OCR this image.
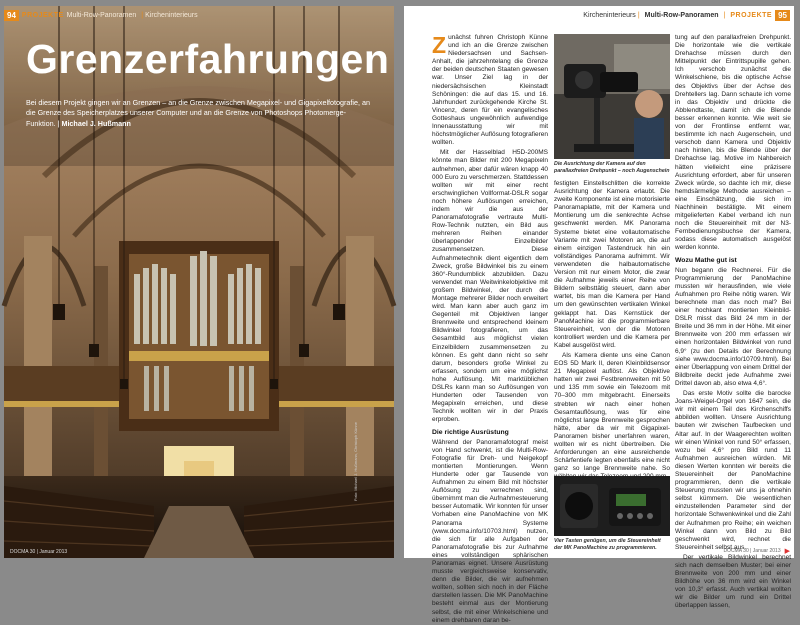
94 PROJEKTE Multi-Row-Panoramen | Kircheninterieurs
Grenzerfahrungen

Bei diesem Projekt gingen wir an Grenzen – an die Grenze zwischen Megapixel- und Gigapixelfotografie, an die Grenze des Speicherplatzes unserer Computer und an die Grenze von Photoshops Photomerge-Funktion. | Michael J. Hußmann

Foto: Michael J. Hußmann, Christoph Künne
DOCMA 30 | Januar 2013
Kircheninterieurs | Multi-Row-Panoramen | PROJEKTE 95

Zunächst fuhren Christoph Künne und ich an die Grenze zwischen Niedersachsen und Sachsen-Anhalt, die jahrzehntelang die Grenze der beiden deutschen Staaten gewesen war. Unser Ziel lag in der niedersächsischen Kleinstadt Schöningen: die auf das 15. und 16. Jahrhundert zurückgehende Kirche St. Vincenz, deren für ein evangelisches Gotteshaus ungewöhnlich aufwendige Innenausstattung wir mit höchstmöglicher Auflösung fotografieren wollten.

Mit der Hasselblad H5D-200MS könnte man Bilder mit 200 Megapixeln aufnehmen, aber dafür wären knapp 40 000 Euro zu verschmerzen. Stattdessen wollten wir mit einer recht erschwinglichen Vollformat-DSLR sogar noch höhere Auflösungen erreichen, indem wir die aus der Panoramafotografie vertraute Multi-Row-Technik nutzten, ein Bild aus mehreren Reihen einander überlappender Einzelbilder zusammensetzen. Diese Aufnahmetechnik dient eigentlich dem Zweck, große Bildwinkel bis zu einem 360°-Rundumblick abzubilden. Dazu verwendet man Weitwinkelobjektive mit großem Bildwinkel, der durch die Montage mehrerer Bilder noch erweitert wird. Man kann aber auch ganz im Gegenteil mit Objektiven langer Brennweite und entsprechend kleinem Bildwinkel fotografieren, um das Gesamtbild aus möglichst vielen Einzelbildern zusammensetzen zu können. Es geht dann nicht so sehr darum, besonders große Winkel zu erfassen, sondern um eine möglichst hohe Auflösung. Mit marktüblichen DSLRs kann man so Auflösungen von Hunderten oder Tausenden von Megapixeln erreichen, und diese Technik wollten wir in der Praxis erproben.

Die richtige Ausrüstung

Während der Panoramafotograf meist von Hand schwenkt, ist die Multi-Row-Fotografie für Dreh- und Neigekopf montierten Montierungen. Wenn Hunderte oder gar Tausende von Aufnahmen zu einem Bild mit höchster Auflösung zu verrechnen sind, übernimmt man die Aufnahmesteuerung besser Automatik. Wir konnten für unser Vorhaben eine PanoMachine von MK Panorama Systeme (www.docma.info/10703.html) nutzen, die sich für alle Aufgaben der Panoramafotografie bis zur Aufnahme eines vollständigen sphärischen Panoramas eignet. Unsere Ausrüstung musste vergleichsweise konservativ, denn die Bilder, die wir aufnehmen wollten, sollten sich noch in der Fläche darstellen lassen. Die MK PanoMachine besteht einmal aus der Montierung selbst, die mit einer Winkelschiene und einem drehbaren daran be-

Die Ausrichtung der Kamera auf den parallaxfreien Drehpunkt – noch Augenschein

festigten Einstellschlitten die korrekte Ausrichtung der Kamera erlaubt. Die zweite Komponente ist eine motorisierte Panoramaplatte, mit der Kamera und Montierung um die senkrechte Achse geschwenkt werden. MK Panorama Systeme bietet eine vollautomatische Variante mit zwei Motoren an, die auf einem einzigen Tastendruck hin ein vollständiges Panorama aufnimmt. Wir verwendeten die halbautomatische Version mit nur einem Motor, die zwar die Aufnahme jeweils einer Reihe von Bildern selbsttätig steuert, dann aber wartet, bis man die Kamera per Hand um den gewünschten vertikalen Winkel geklappt hat. Das Kernstück der PanoMachine ist die programmierbare Steuereinheit, von der die Motoren kontrolliert werden und die Kamera per Kabel ausgelöst wird.

Als Kamera diente uns eine Canon EOS 5D Mark II, deren Kleinbildsensor 21 Megapixel auflöst. Als Objektive hatten wir zwei Festbrennweiten mit 50 und 135 mm sowie ein Telezoom mit 70–300 mm mitgebracht. Einerseits strebten wir nach einer hohen Gesamtauflösung, was für eine möglichst lange Brennweite gesprochen hätte, aber da wir mit Gigapixel-Panoramen bisher unerfahren waren, wollten wir es nicht übertreiben. Die Anforderungen an eine ausreichende Schärfentiefe legten ebenfalls eine nicht ganz so lange Brennweite nahe. So

Vier Tasten genügen, um die Steuereinheit der MK PanoMachine zu programmieren.

tung auf den parallaxfreien Drehpunkt. Die horizontale wie die vertikale Drehachse müssen durch den Mittelpunkt der Eintrittspupille gehen. Ich verschob zunächst die Winkelschiene, bis die optische Achse des Objektivs über der Achse des Drehtellers lag. Dann schaute ich vorne in das Objektiv und drückte die Abblendtaste, damit ich die Blende besser erkennen konnte. Wie weit sie von der Frontlinse entfernt war, bestimmte ich nach Augenschein, und verschob dann Kamera und Objektiv nach hinten, bis die Blende über der Drehachse lag. Motive im Nahbereich hätten vielleicht eine präzisere Ausrichtung erfordert, aber für unseren Zweck würde, so dachte ich mir, diese hemdsärmelige Methode ausreichen – eine Einschätzung, die sich im Nachhinein bestätigte. Mit einem mitgelieferten Kabel verband ich nun noch die Steuereinheit mit der N3-Fernbedienungsbuchse der Kamera, sodass diese automatisch ausgelöst werden konnte.

Wozu Mathe gut ist

Nun begann die Rechnerei. Für die Programmierung der PanoMachine mussten wir herausfinden, wie viele Aufnahmen pro Reihe nötig waren. Wir berechnete man das noch mal? Bei einer hochkant montierten Kleinbild-DSLR misst das Bild 24 mm in der Breite und 36 mm in der Höhe. Mit einer Brennweite von 200 mm erfassen wir einen horizontalen Bildwinkel von rund 6,9° (zu den Details der Berechnung siehe www.docma.info/10709.html). Bei einer Überlappung von einem Drittel der Bildbreite deckt jede Aufnahme zwei Drittel davon ab, also etwa 4,6°.

Das erste Motiv sollte die barocke Joans-Weigel-Orgel von 1647 sein, die wir mit einem Teil des Kirchenschiffs abbilden wollten. Unsere Ausrichtung bauten wir zwischen Taufbecken und Altar auf. In der Waagerechten wollten wir einen Winkel von rund 50° erfassen, wozu bei 4,6° pro Bild rund 11 Aufnahmen ausreichen würden. Mit diesen Werten konnten wir bereits die Steuereinheit der PanoMachine programmieren, denn die vertikale Steuerung mussten wir uns ja ohnehin selbst kümmern. Die wesentlichen einzustellenden Parameter sind der horizontale Schwenkwinkel und die Zahl der Aufnahmen pro Reihe; ein weichen Winkel dann von Bild zu Bild geschwenkt wird, rechnet die Steuereinheit selbst aus.

Der vertikale Bildwinkel berechnet sich nach demselben Muster; bei einer Brennweite von 200 mm und einer Bildhöhe von 36 mm wird ein Winkel von 10,3° erfasst. Auch vertikal wollten wir die Bilder um rund ein Drittel überlappen lassen,

DOCMA 30 | Januar 2013 ▶
